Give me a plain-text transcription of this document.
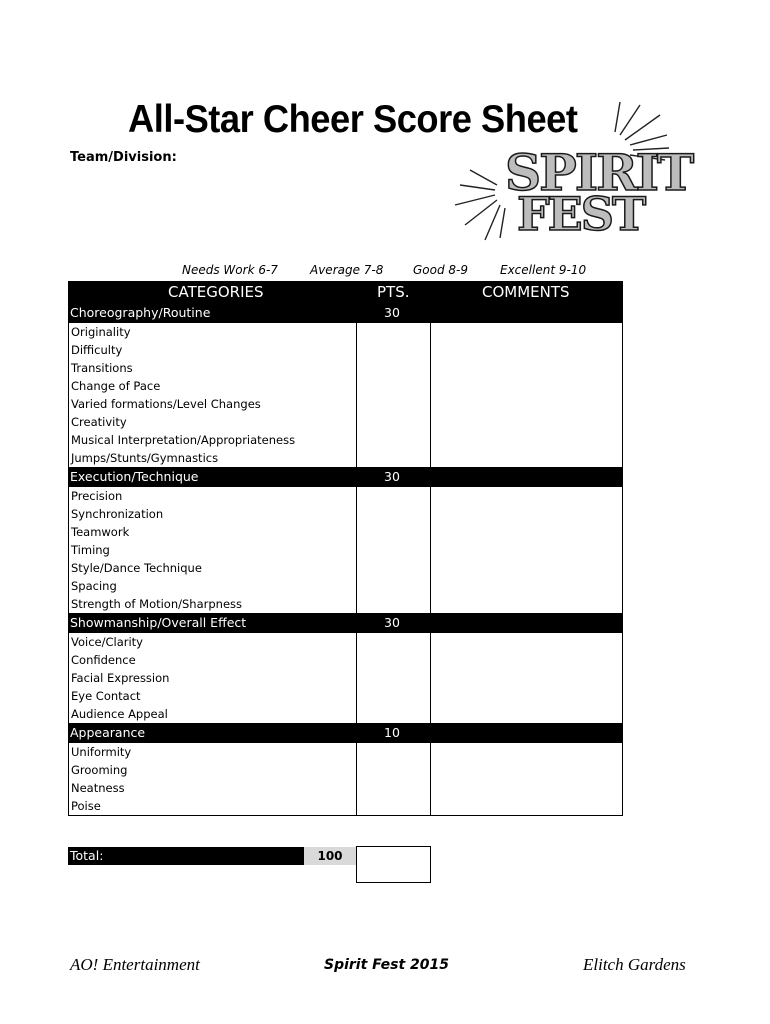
All-Star Cheer Score Sheet
Team/Division:	SPIRIT
FEST
Needs Work 6-7	Average 7-8 Good 8-9	Excellent 9-10
CATEGORIES	PTS.	COMMENTS
Choreography/Routine	30
Originality
Difficulty
Transitions
Change of Pace
Varied formations/Level Changes
Creativity
Musical Interpretation/Appropriateness
Jumps/Stunts/Gymnastics
Execution/Technique	30
Precision
Synchronization
Teamwork
Timing
Style/Dance Technique
Spacing
Strength of Motion/Sharpness
Showmanship/Overall Effect	30
Voice/Clarity
Confidence
Facial Expression
Eye Contact
Audience Appeal
Appearance	10
Uniformity
Grooming
Neatness
Poise
Total:	100
AO! Entertainment	Spirit Fest 2015	Elitch Gardens
